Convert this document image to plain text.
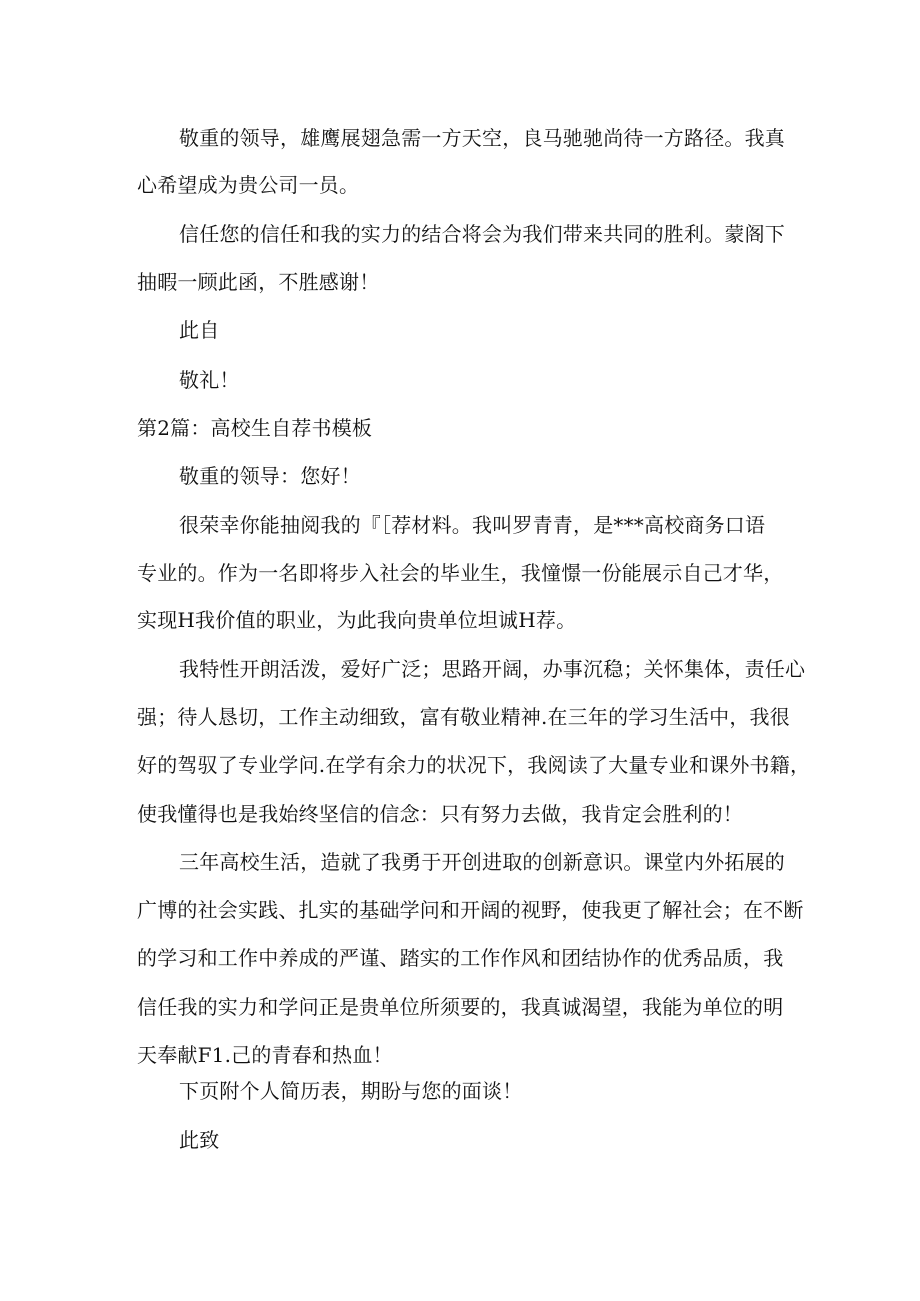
敬重的领导，雄鹰展翅急需一方天空，良马驰驰尚待一方路径。我真
心希望成为贵公司一员。
信任您的信任和我的实力的结合将会为我们带来共同的胜利。蒙阁下
抽暇一顾此函，不胜感谢！
此自
敬礼！
第2篇：高校生自荐书模板
敬重的领导：您好！
很荣幸你能抽阅我的『［荐材料。我叫罗青青，是***高校商务口语
专业的。作为一名即将步入社会的毕业生，我憧憬一份能展示自己才华，
实现H我价值的职业，为此我向贵单位坦诚H荐。
我特性开朗活泼，爱好广泛；思路开阔，办事沉稳；关怀集体，责任心
强；待人恳切，工作主动细致，富有敬业精神.在三年的学习生活中，我很
好的驾驭了专业学问.在学有余力的状况下，我阅读了大量专业和课外书籍，
使我懂得也是我始终坚信的信念：只有努力去做，我肯定会胜利的！
三年高校生活，造就了我勇于开创进取的创新意识。课堂内外拓展的
广博的社会实践、扎实的基础学问和开阔的视野，使我更了解社会；在不断
的学习和工作中养成的严谨、踏实的工作作风和团结协作的优秀品质，我
信任我的实力和学问正是贵单位所须要的，我真诚渴望，我能为单位的明
天奉献F1.己的青春和热血！
下页附个人简历表，期盼与您的面谈！
此致
